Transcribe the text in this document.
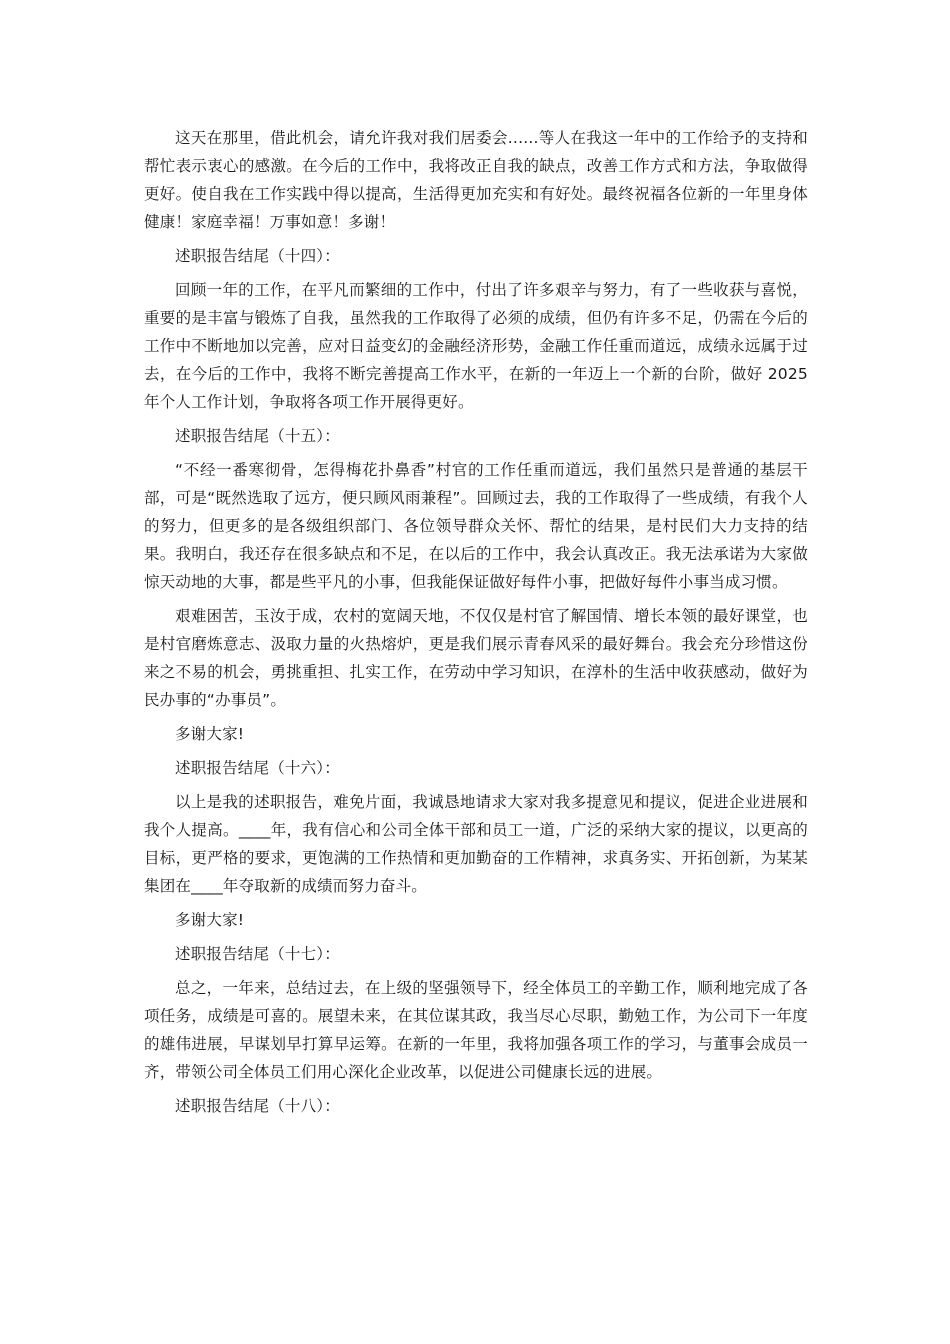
这天在那里，借此机会，请允许我对我们居委会......等人在我这一年中的工作给予的支持和帮忙表示衷心的感激。在今后的工作中，我将改正自我的缺点，改善工作方式和方法，争取做得更好。使自我在工作实践中得以提高，生活得更加充实和有好处。最终祝福各位新的一年里身体健康！家庭幸福！万事如意！多谢！

述职报告结尾（十四）：

回顾一年的工作，在平凡而繁细的工作中，付出了许多艰辛与努力，有了一些收获与喜悦，重要的是丰富与锻炼了自我，虽然我的工作取得了必须的成绩，但仍有许多不足，仍需在今后的工作中不断地加以完善，应对日益变幻的金融经济形势，金融工作任重而道远，成绩永远属于过去，在今后的工作中，我将不断完善提高工作水平，在新的一年迈上一个新的台阶，做好 2025 年个人工作计划，争取将各项工作开展得更好。

述职报告结尾（十五）：

“不经一番寒彻骨，怎得梅花扑鼻香”村官的工作任重而道远，我们虽然只是普通的基层干部，可是“既然选取了远方，便只顾风雨兼程”。回顾过去，我的工作取得了一些成绩，有我个人的努力，但更多的是各级组织部门、各位领导群众关怀、帮忙的结果，是村民们大力支持的结果。我明白，我还存在很多缺点和不足，在以后的工作中，我会认真改正。我无法承诺为大家做惊天动地的大事，都是些平凡的小事，但我能保证做好每件小事，把做好每件小事当成习惯。

艰难困苦，玉汝于成，农村的宽阔天地，不仅仅是村官了解国情、增长本领的最好课堂，也是村官磨炼意志、汲取力量的火热熔炉，更是我们展示青春风采的最好舞台。我会充分珍惜这份来之不易的机会，勇挑重担、扎实工作，在劳动中学习知识，在淳朴的生活中收获感动，做好为民办事的“办事员”。

多谢大家!

述职报告结尾（十六）：

以上是我的述职报告，难免片面，我诚恳地请求大家对我多提意见和提议，促进企业进展和我个人提高。____年，我有信心和公司全体干部和员工一道，广泛的采纳大家的提议，以更高的目标，更严格的要求，更饱满的工作热情和更加勤奋的工作精神，求真务实、开拓创新，为某某集团在____年夺取新的成绩而努力奋斗。

多谢大家!

述职报告结尾（十七）：

总之，一年来，总结过去，在上级的坚强领导下，经全体员工的辛勤工作，顺利地完成了各项任务，成绩是可喜的。展望未来，在其位谋其政，我当尽心尽职，勤勉工作，为公司下一年度的雄伟进展，早谋划早打算早运筹。在新的一年里，我将加强各项工作的学习，与董事会成员一齐，带领公司全体员工们用心深化企业改革，以促进公司健康长远的进展。

述职报告结尾（十八）：
